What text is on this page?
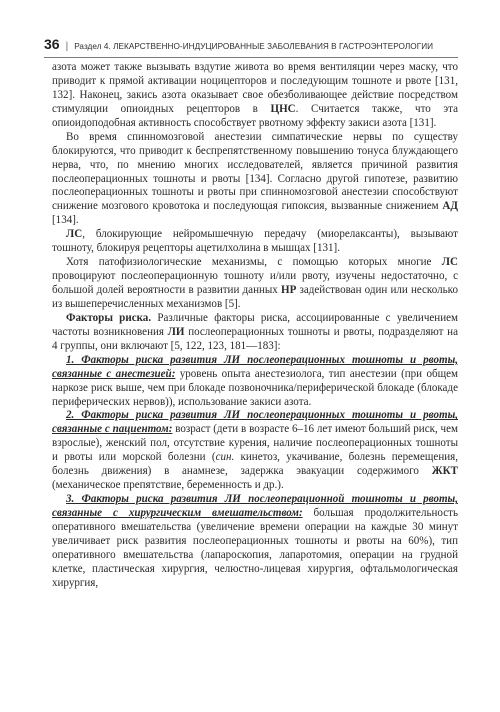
36 | Раздел 4. ЛЕКАРСТВЕННО-ИНДУЦИРОВАННЫЕ ЗАБОЛЕВАНИЯ В ГАСТРОЭНТЕРОЛОГИИ

азота может также вызывать вздутие живота во время вентиляции через маску, что приводит к прямой активации ноцицепторов и последующим тошноте и рвоте [131, 132]. Наконец, закись азота оказывает свое обезболивающее действие посредством стимуляции опиоидных рецепторов в ЦНС. Считается также, что эта опиоидоподобная активность способствует рвотному эффекту закиси азота [131].

Во время спинномозговой анестезии симпатические нервы по существу блокируются, что приводит к беспрепятственному повышению тонуса блуждающего нерва, что, по мнению многих исследователей, является причиной развития послеоперационных тошноты и рвоты [134]. Согласно другой гипотезе, развитию послеоперационных тошноты и рвоты при спинномозговой анестезии способствуют снижение мозгового кровотока и последующая гипоксия, вызванные снижением АД [134].

ЛС, блокирующие нейромышечную передачу (миорелаксанты), вызывают тошноту, блокируя рецепторы ацетилхолина в мышцах [131].

Хотя патофизиологические механизмы, с помощью которых многие ЛС провоцируют послеоперационную тошноту и/или рвоту, изучены недостаточно, с большой долей вероятности в развитии данных НР задействован один или несколько из вышеперечисленных механизмов [5].

Факторы риска. Различные факторы риска, ассоциированные с увеличением частоты возникновения ЛИ послеоперационных тошноты и рвоты, подразделяют на 4 группы, они включают [5, 122, 123, 181—183]:

1. Факторы риска развития ЛИ послеоперационных тошноты и рвоты, связанные с анестезией: уровень опыта анестезиолога, тип анестезии (при общем наркозе риск выше, чем при блокаде позвоночника/периферической блокаде (блокаде периферических нервов)), использование закиси азота.

2. Факторы риска развития ЛИ послеоперационных тошноты и рвоты, связанные с пациентом: возраст (дети в возрасте 6–16 лет имеют больший риск, чем взрослые), женский пол, отсутствие курения, наличие послеоперационных тошноты и рвоты или морской болезни (син. кинетоз, укачивание, болезнь перемещения, болезнь движения) в анамнезе, задержка эвакуации содержимого ЖКТ (механическое препятствие, беременность и др.).

3. Факторы риска развития ЛИ послеоперационной тошноты и рвоты, связанные с хирургическим вмешательством: большая продолжительность оперативного вмешательства (увеличение времени операции на каждые 30 минут увеличивает риск развития послеоперационных тошноты и рвоты на 60%), тип оперативного вмешательства (лапароскопия, лапаротомия, операции на грудной клетке, пластическая хирургия, челюстно-лицевая хирургия, офтальмологическая хирургия,
